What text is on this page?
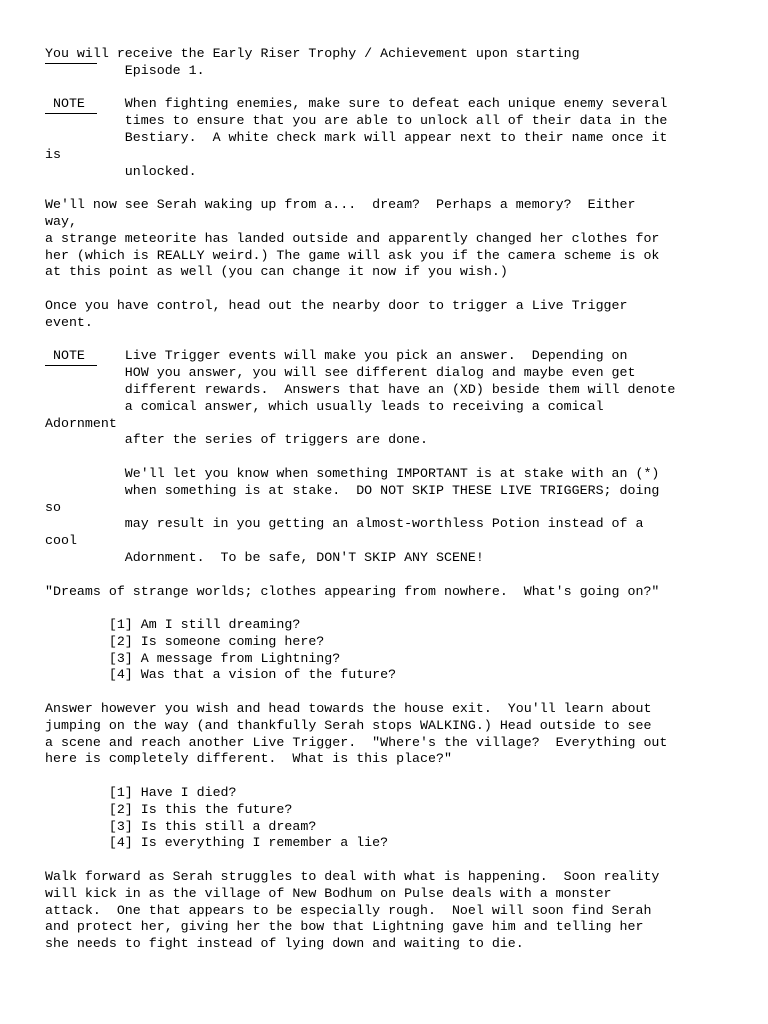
You will receive the Early Riser Trophy / Achievement upon starting
Episode 1.
NOTE     When fighting enemies, make sure to defeat each unique enemy several
times to ensure that you are able to unlock all of their data in the
Bestiary.  A white check mark will appear next to their name once it
is
unlocked.
We'll now see Serah waking up from a...  dream?  Perhaps a memory?  Either
way,
a strange meteorite has landed outside and apparently changed her clothes for
her (which is REALLY weird.) The game will ask you if the camera scheme is ok
at this point as well (you can change it now if you wish.)
Once you have control, head out the nearby door to trigger a Live Trigger
event.
NOTE     Live Trigger events will make you pick an answer.  Depending on
HOW you answer, you will see different dialog and maybe even get
different rewards.  Answers that have an (XD) beside them will denote
a comical answer, which usually leads to receiving a comical
Adornment
after the series of triggers are done.
We'll let you know when something IMPORTANT is at stake with an (*)
when something is at stake.  DO NOT SKIP THESE LIVE TRIGGERS; doing
so
may result in you getting an almost-worthless Potion instead of a
cool
Adornment.  To be safe, DON'T SKIP ANY SCENE!
"Dreams of strange worlds; clothes appearing from nowhere.  What's going on?"
[1] Am I still dreaming?
[2] Is someone coming here?
[3] A message from Lightning?
[4] Was that a vision of the future?
Answer however you wish and head towards the house exit.  You'll learn about
jumping on the way (and thankfully Serah stops WALKING.) Head outside to see
a scene and reach another Live Trigger.  "Where's the village?  Everything out
here is completely different.  What is this place?"
[1] Have I died?
[2] Is this the future?
[3] Is this still a dream?
[4] Is everything I remember a lie?
Walk forward as Serah struggles to deal with what is happening.  Soon reality
will kick in as the village of New Bodhum on Pulse deals with a monster
attack.  One that appears to be especially rough.  Noel will soon find Serah
and protect her, giving her the bow that Lightning gave him and telling her
she needs to fight instead of lying down and waiting to die.
